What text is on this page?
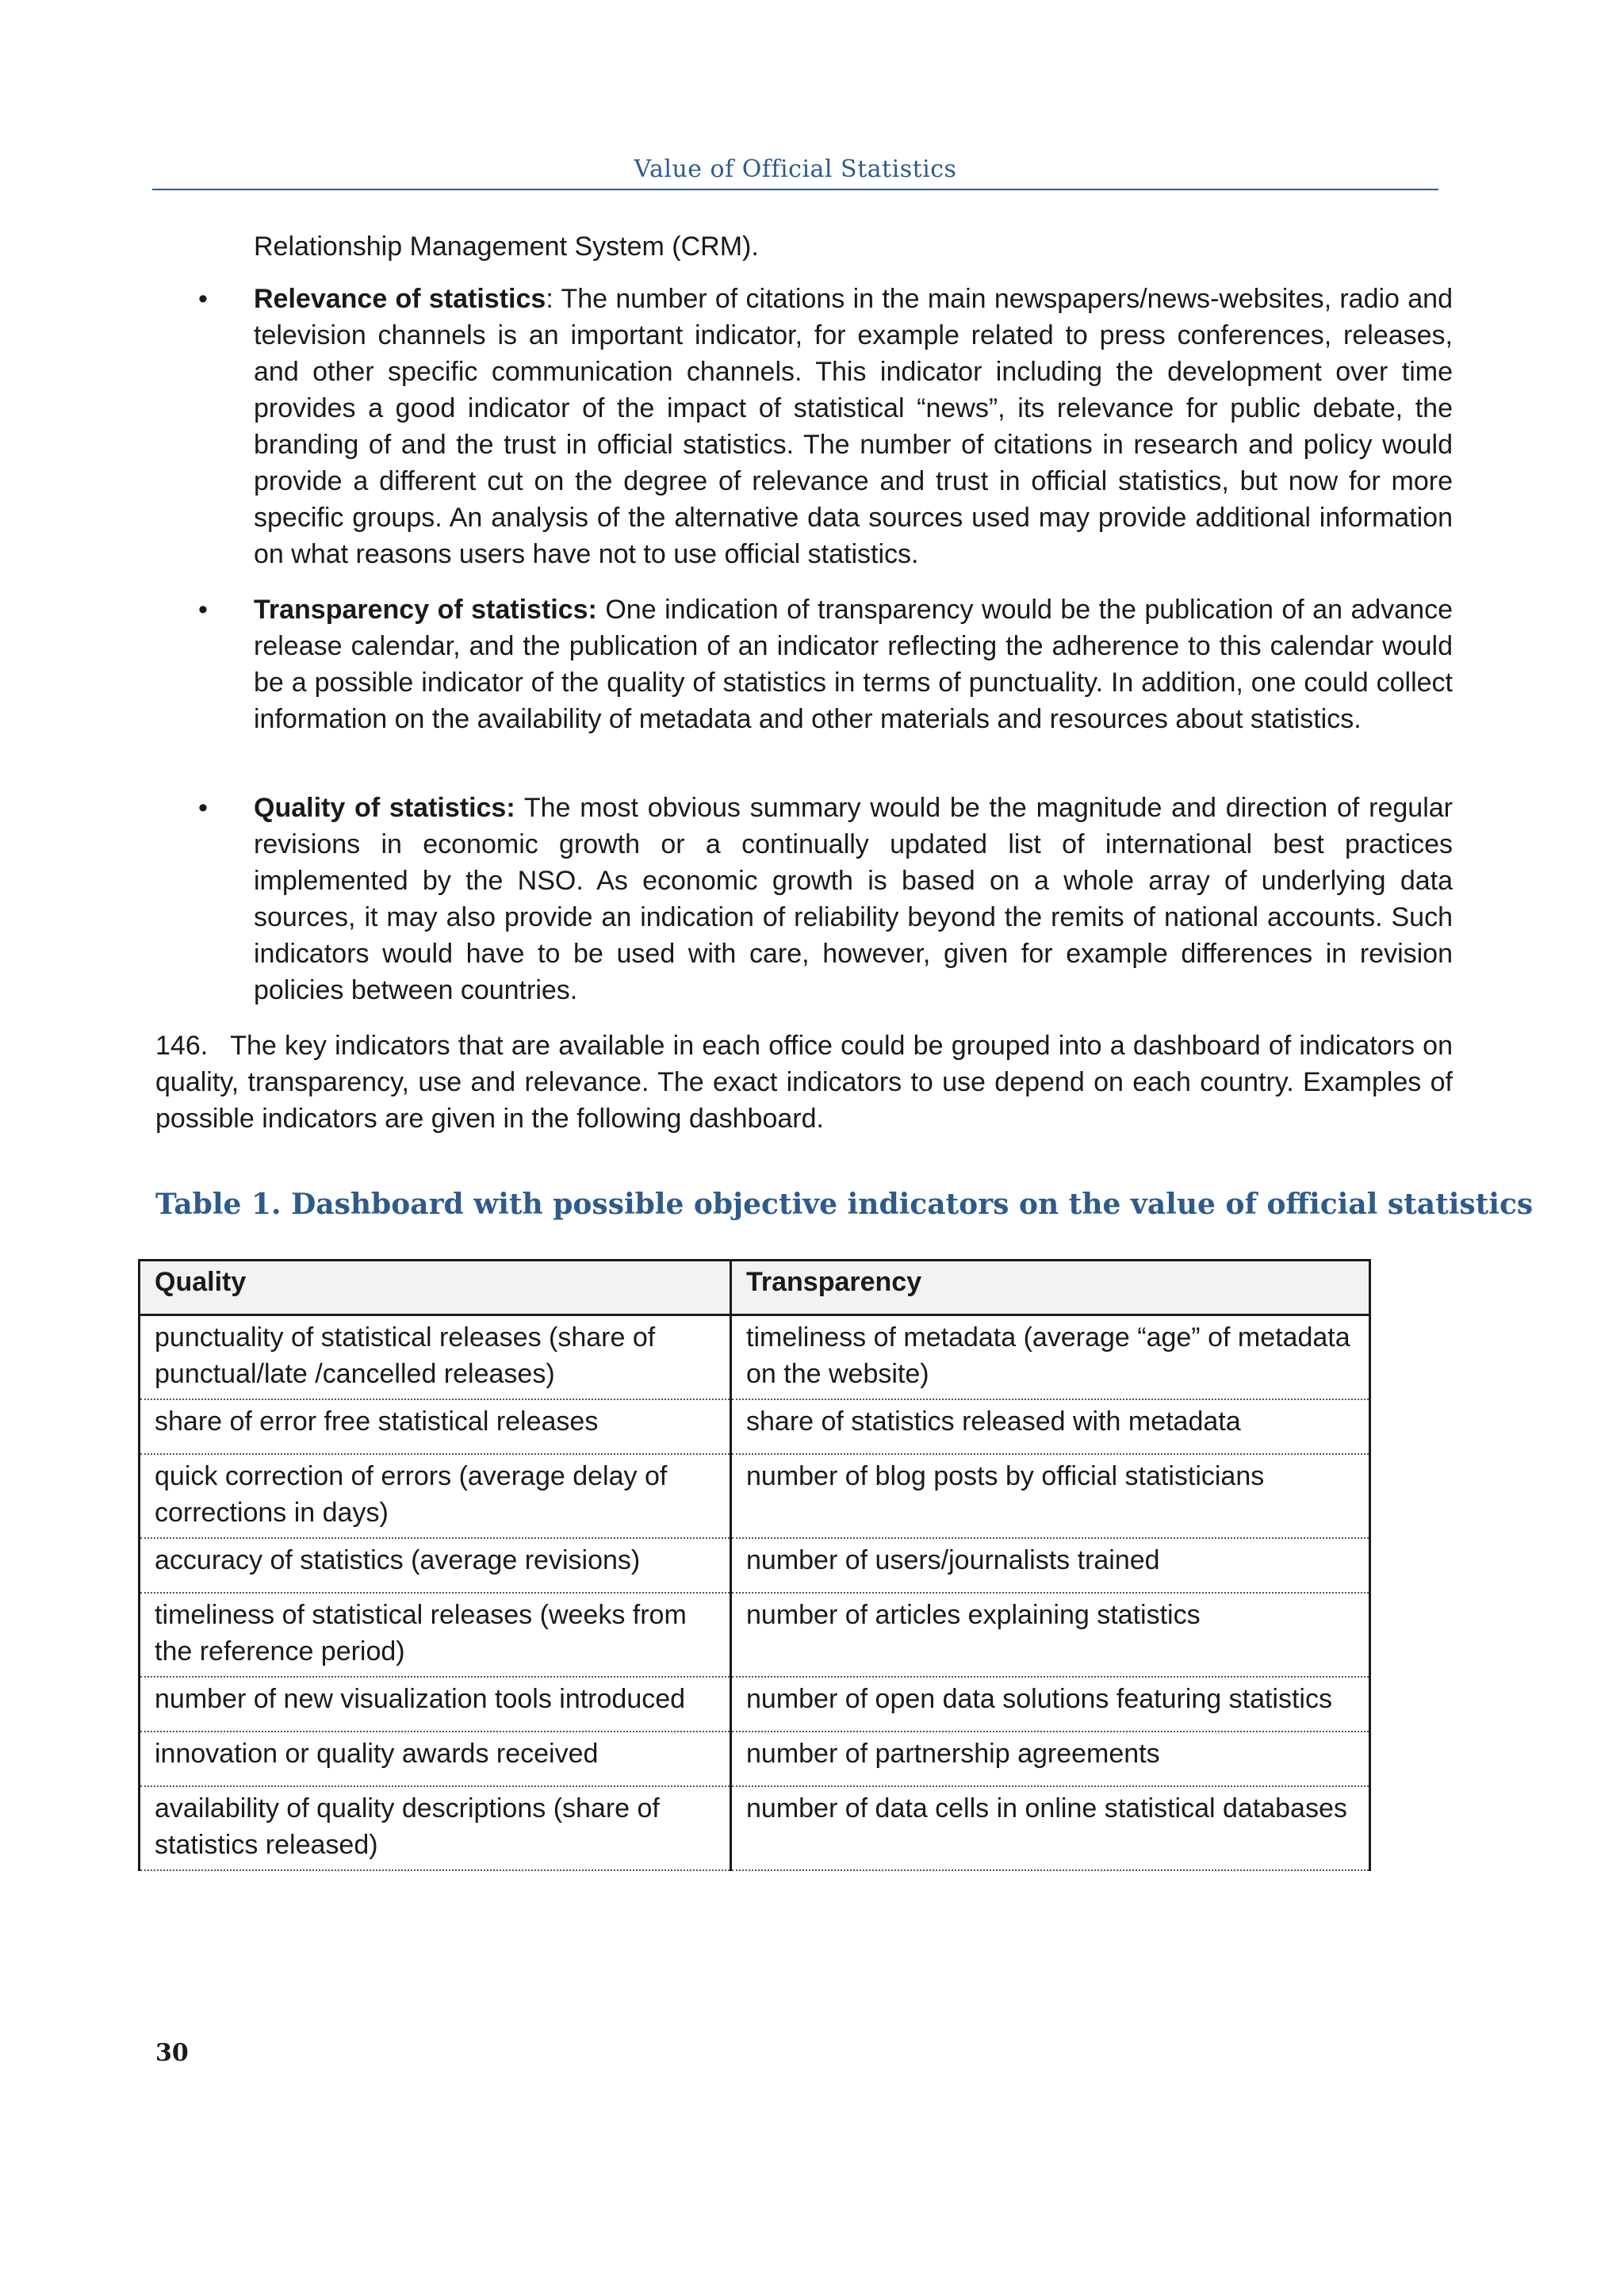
Value of Official Statistics
Relationship Management System (CRM).
• Relevance of statistics: The number of citations in the main newspapers/news-websites, radio and television channels is an important indicator, for example related to press conferences, releases, and other specific communication channels. This indicator including the development over time provides a good indicator of the impact of statistical “news”, its relevance for public debate, the branding of and the trust in official statistics. The number of citations in research and policy would provide a different cut on the degree of relevance and trust in official statistics, but now for more specific groups. An analysis of the alternative data sources used may provide additional information on what reasons users have not to use official statistics.
• Transparency of statistics: One indication of transparency would be the publication of an advance release calendar, and the publication of an indicator reflecting the adherence to this calendar would be a possible indicator of the quality of statistics in terms of punctuality. In addition, one could collect information on the availability of metadata and other materials and resources about statistics.
• Quality of statistics: The most obvious summary would be the magnitude and direction of regular revisions in economic growth or a continually updated list of international best practices implemented by the NSO. As economic growth is based on a whole array of underlying data sources, it may also provide an indication of reliability beyond the remits of national accounts. Such indicators would have to be used with care, however, given for example differences in revision policies between countries.
146. The key indicators that are available in each office could be grouped into a dashboard of indicators on quality, transparency, use and relevance. The exact indicators to use depend on each country. Examples of possible indicators are given in the following dashboard.
Table 1. Dashboard with possible objective indicators on the value of official statistics
Quality	Transparency
punctuality of statistical releases (share of punctual/late /cancelled releases)	timeliness of metadata (average “age” of metadata on the website)
share of error free statistical releases	share of statistics released with metadata
quick correction of errors (average delay of corrections in days)	number of blog posts by official statisticians
accuracy of statistics (average revisions)	number of users/journalists trained
timeliness of statistical releases (weeks from the reference period)	number of articles explaining statistics
number of new visualization tools introduced	number of open data solutions featuring statistics
innovation or quality awards received	number of partnership agreements
availability of quality descriptions (share of statistics released)	number of data cells in online statistical databases
30
